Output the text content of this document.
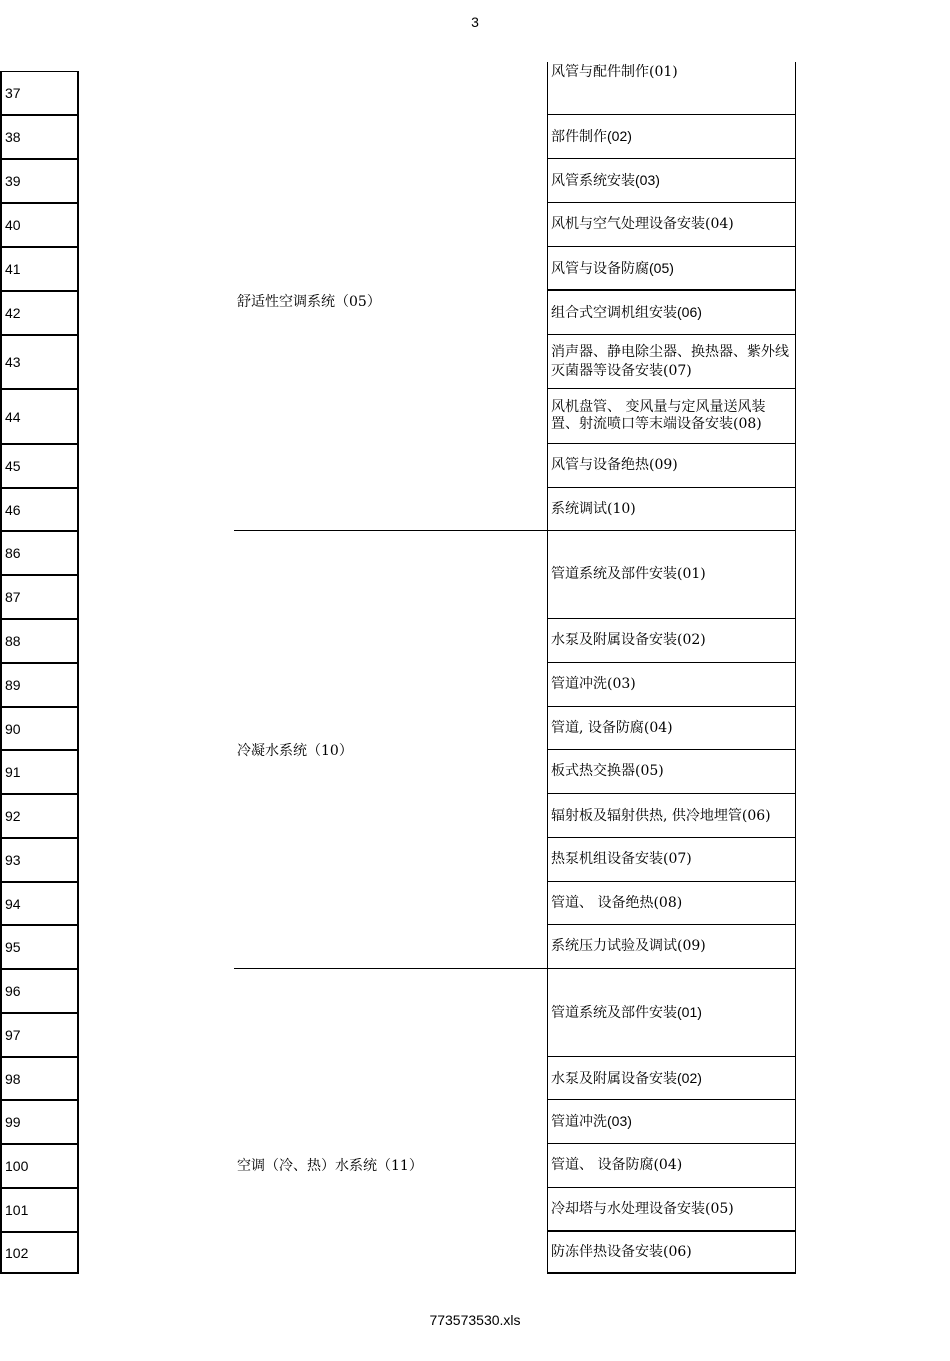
3
37
38
39
40
41
42
43
44
45
46
86
87
88
89
90
91
92
93
94
95
96
97
98
99
100
101
102
舒适性空调系统（05）
冷凝水系统（10）
空调（冷、热）水系统（11）
风管与配件制作(01)
部件制作(02)
风管系统安装(03)
风机与空气处理设备安装(04)
风管与设备防腐(05)
组合式空调机组安装(06)
消声器、静电除尘器、换热器、紫外线灭菌器等设备安装(07)
风机盘管、 变风量与定风量送风装置、射流喷口等末端设备安装(08)
风管与设备绝热(09)
系统调试(10)
管道系统及部件安装(01)
水泵及附属设备安装(02)
管道冲洗(03)
管道, 设备防腐(04)
板式热交换器(05)
辐射板及辐射供热, 供冷地埋管(06)
热泵机组设备安装(07)
管道、 设备绝热(08)
系统压力试验及调试(09)
管道系统及部件安装(01)
水泵及附属设备安装(02)
管道冲洗(03)
管道、 设备防腐(04)
冷却塔与水处理设备安装(05)
防冻伴热设备安装(06)
773573530.xls
